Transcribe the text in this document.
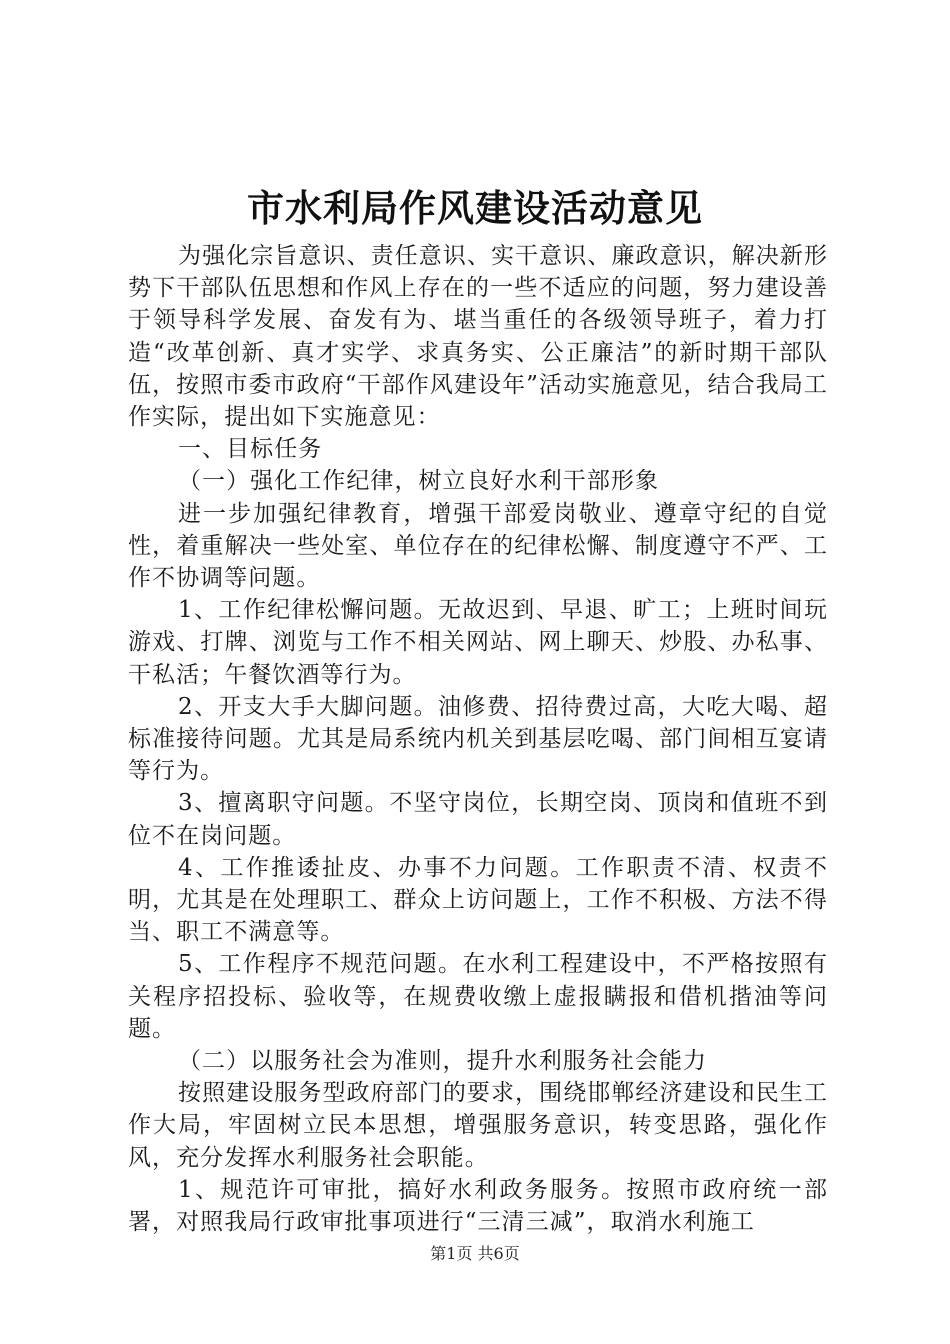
市水利局作风建设活动意见

为强化宗旨意识、责任意识、实干意识、廉政意识，解决新形势下干部队伍思想和作风上存在的一些不适应的问题，努力建设善于领导科学发展、奋发有为、堪当重任的各级领导班子，着力打造“改革创新、真才实学、求真务实、公正廉洁”的新时期干部队伍，按照市委市政府“干部作风建设年”活动实施意见，结合我局工作实际，提出如下实施意见：

一、目标任务

（一）强化工作纪律，树立良好水利干部形象

进一步加强纪律教育，增强干部爱岗敬业、遵章守纪的自觉性，着重解决一些处室、单位存在的纪律松懈、制度遵守不严、工作不协调等问题。

1、工作纪律松懈问题。无故迟到、早退、旷工；上班时间玩游戏、打牌、浏览与工作不相关网站、网上聊天、炒股、办私事、干私活；午餐饮酒等行为。

2、开支大手大脚问题。油修费、招待费过高，大吃大喝、超标准接待问题。尤其是局系统内机关到基层吃喝、部门间相互宴请等行为。

3、擅离职守问题。不坚守岗位，长期空岗、顶岗和值班不到位不在岗问题。

4、工作推诿扯皮、办事不力问题。工作职责不清、权责不明，尤其是在处理职工、群众上访问题上，工作不积极、方法不得当、职工不满意等。

5、工作程序不规范问题。在水利工程建设中，不严格按照有关程序招投标、验收等，在规费收缴上虚报瞒报和借机揩油等问题。

（二）以服务社会为准则，提升水利服务社会能力

按照建设服务型政府部门的要求，围绕邯郸经济建设和民生工作大局，牢固树立民本思想，增强服务意识，转变思路，强化作风，充分发挥水利服务社会职能。

1、规范许可审批，搞好水利政务服务。按照市政府统一部署，对照我局行政审批事项进行“三清三减”，取消水利施工

第1页 共6页
